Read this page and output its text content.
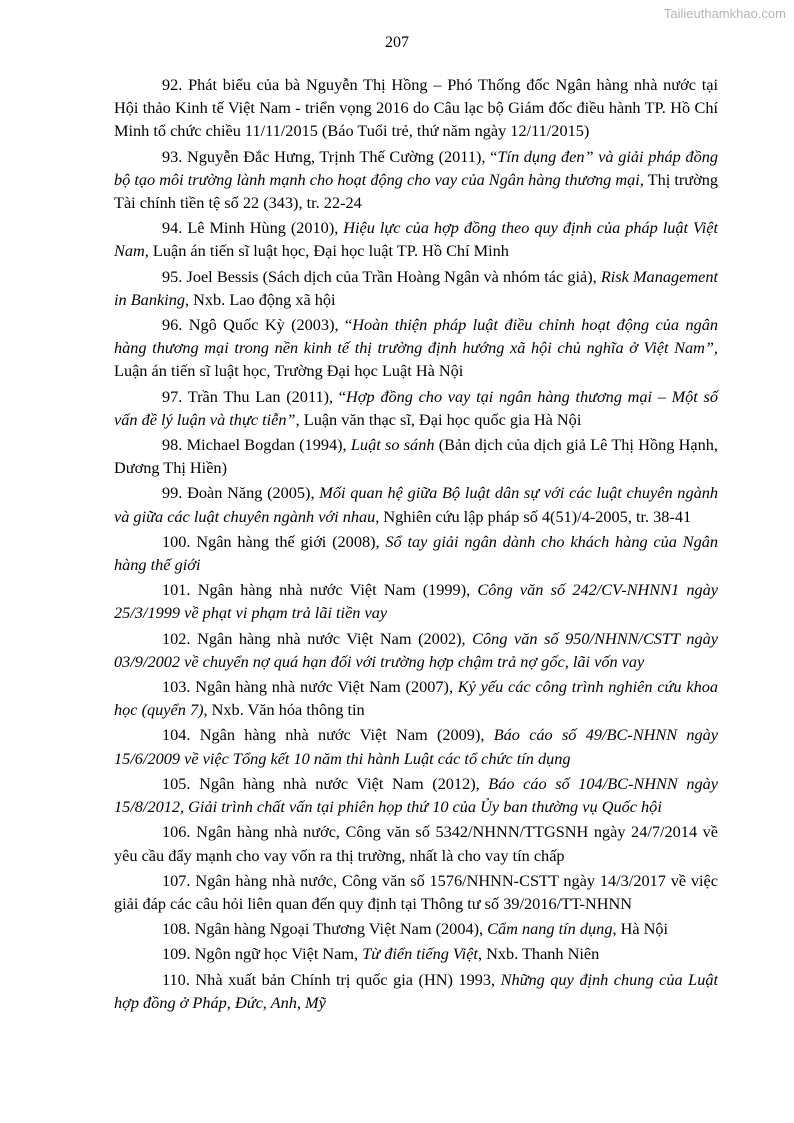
Tailieuthamkhao.com
207

92. Phát biểu của bà Nguyễn Thị Hồng – Phó Thống đốc Ngân hàng nhà nước tại Hội thảo Kinh tế Việt Nam - triển vọng 2016 do Câu lạc bộ Giám đốc điều hành TP. Hồ Chí Minh tổ chức chiều 11/11/2015 (Báo Tuổi trẻ, thứ năm ngày 12/11/2015)

93. Nguyễn Đắc Hưng, Trịnh Thế Cường (2011), “Tín dụng đen” và giải pháp đồng bộ tạo môi trường lành mạnh cho hoạt động cho vay của Ngân hàng thương mại, Thị trường Tài chính tiền tệ số 22 (343), tr. 22-24

94. Lê Minh Hùng (2010), Hiệu lực của hợp đồng theo quy định của pháp luật Việt Nam, Luận án tiến sĩ luật học, Đại học luật TP. Hồ Chí Minh

95. Joel Bessis (Sách dịch của Trần Hoàng Ngân và nhóm tác giả), Risk Management in Banking, Nxb. Lao động xã hội

96. Ngô Quốc Kỳ (2003), “Hoàn thiện pháp luật điều chỉnh hoạt động của ngân hàng thương mại trong nền kinh tế thị trường định hướng xã hội chủ nghĩa ở Việt Nam”, Luận án tiến sĩ luật học, Trường Đại học Luật Hà Nội

97. Trần Thu Lan (2011), “Hợp đồng cho vay tại ngân hàng thương mại – Một số vấn đề lý luận và thực tiễn”, Luận văn thạc sĩ, Đại học quốc gia Hà Nội

98. Michael Bogdan (1994), Luật so sánh (Bản dịch của dịch giả Lê Thị Hồng Hạnh, Dương Thị Hiền)

99. Đoàn Năng (2005), Mối quan hệ giữa Bộ luật dân sự với các luật chuyên ngành và giữa các luật chuyên ngành với nhau, Nghiên cứu lập pháp số 4(51)/4-2005, tr. 38-41

100. Ngân hàng thế giới (2008), Sổ tay giải ngân dành cho khách hàng của Ngân hàng thế giới

101. Ngân hàng nhà nước Việt Nam (1999), Công văn số 242/CV-NHNN1 ngày 25/3/1999 về phạt vi phạm trả lãi tiền vay

102. Ngân hàng nhà nước Việt Nam (2002), Công văn số 950/NHNN/CSTT ngày 03/9/2002 về chuyển nợ quá hạn đối với trường hợp chậm trả nợ gốc, lãi vốn vay

103. Ngân hàng nhà nước Việt Nam (2007), Kỷ yếu các công trình nghiên cứu khoa học (quyển 7), Nxb. Văn hóa thông tin

104. Ngân hàng nhà nước Việt Nam (2009), Báo cáo số 49/BC-NHNN ngày 15/6/2009 về việc Tổng kết 10 năm thi hành Luật các tổ chức tín dụng

105. Ngân hàng nhà nước Việt Nam (2012), Báo cáo số 104/BC-NHNN ngày 15/8/2012, Giải trình chất vấn tại phiên họp thứ 10 của Ủy ban thường vụ Quốc hội

106. Ngân hàng nhà nước, Công văn số 5342/NHNN/TTGSNH ngày 24/7/2014 về yêu cầu đẩy mạnh cho vay vốn ra thị trường, nhất là cho vay tín chấp

107. Ngân hàng nhà nước, Công văn số 1576/NHNN-CSTT ngày 14/3/2017 về việc giải đáp các câu hỏi liên quan đến quy định tại Thông tư số 39/2016/TT-NHNN

108. Ngân hàng Ngoại Thương Việt Nam (2004), Cẩm nang tín dụng, Hà Nội

109. Ngôn ngữ học Việt Nam, Từ điển tiếng Việt, Nxb. Thanh Niên

110. Nhà xuất bản Chính trị quốc gia (HN) 1993, Những quy định chung của Luật hợp đồng ở Pháp, Đức, Anh, Mỹ
